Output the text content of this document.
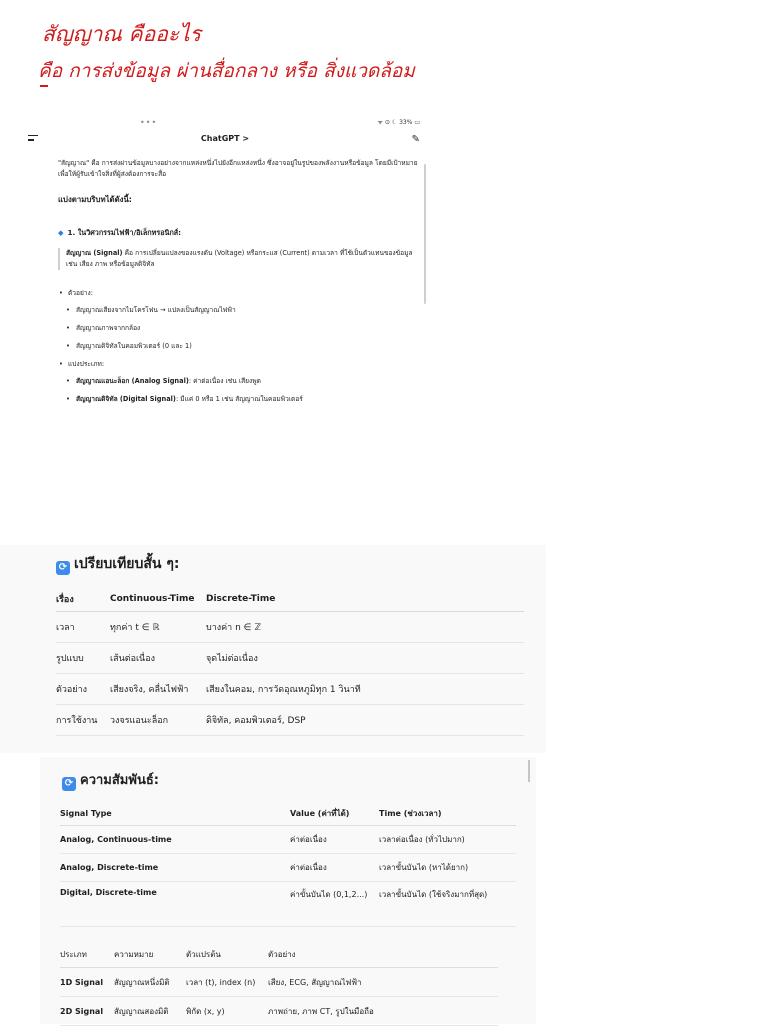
สัญญาณ คืออะไร
คือ การส่งข้อมูล ผ่านสื่อกลาง หรือ สิ่งแวดล้อม
•••	ᯤ ⊙ ☾ 33% ▭
ChatGPT >	✎

"สัญญาณ" คือ การส่งผ่านข้อมูลบางอย่างจากแหล่งหนึ่งไปยังอีกแหล่งหนึ่ง ซึ่งอาจอยู่ในรูปของพลังงานหรือข้อมูล โดยมีเป้าหมายเพื่อให้ผู้รับเข้าใจสิ่งที่ผู้ส่งต้องการจะสื่อ

แบ่งตามบริบทได้ดังนี้:

◆ 1. ในวิศวกรรมไฟฟ้า/อิเล็กทรอนิกส์:

สัญญาณ (Signal) คือ การเปลี่ยนแปลงของแรงดัน (Voltage) หรือกระแส (Current) ตามเวลา ที่ใช้เป็นตัวแทนของข้อมูล เช่น เสียง ภาพ หรือข้อมูลดิจิทัล
• ตัวอย่าง:
• สัญญาณเสียงจากไมโครโฟน → แปลงเป็นสัญญาณไฟฟ้า
• สัญญาณภาพจากกล้อง
• สัญญาณดิจิทัลในคอมพิวเตอร์ (0 และ 1)
• แบ่งประเภท:
• สัญญาณแอนะล็อก (Analog Signal): ค่าต่อเนื่อง เช่น เสียงพูด
• สัญญาณดิจิทัล (Digital Signal): มีแค่ 0 หรือ 1 เช่น สัญญาณในคอมพิวเตอร์
⟳ เปรียบเทียบสั้น ๆ:
เรื่อง	Continuous-Time	Discrete-Time
เวลา	ทุกค่า t ∈ ℝ	บางค่า n ∈ ℤ
รูปแบบ	เส้นต่อเนื่อง	จุดไม่ต่อเนื่อง
ตัวอย่าง	เสียงจริง, คลื่นไฟฟ้า	เสียงในคอม, การวัดอุณหภูมิทุก 1 วินาที
การใช้งาน	วงจรแอนะล็อก	ดิจิทัล, คอมพิวเตอร์, DSP
⟳ ความสัมพันธ์:
Signal Type	Value (ค่าที่ได้)	Time (ช่วงเวลา)
Analog, Continuous-time	ค่าต่อเนื่อง	เวลาต่อเนื่อง (ทั่วไปมาก)
Analog, Discrete-time	ค่าต่อเนื่อง	เวลาขั้นบันได (หาได้ยาก)
Digital, Discrete-time	ค่าขั้นบันได (0,1,2...)	เวลาขั้นบันได (ใช้จริงมากที่สุด)
ประเภท	ความหมาย	ตัวแปรต้น	ตัวอย่าง
1D Signal	สัญญาณหนึ่งมิติ	เวลา (t), index (n)	เสียง, ECG, สัญญาณไฟฟ้า
2D Signal	สัญญาณสองมิติ	พิกัด (x, y)	ภาพถ่าย, ภาพ CT, รูปในมือถือ
